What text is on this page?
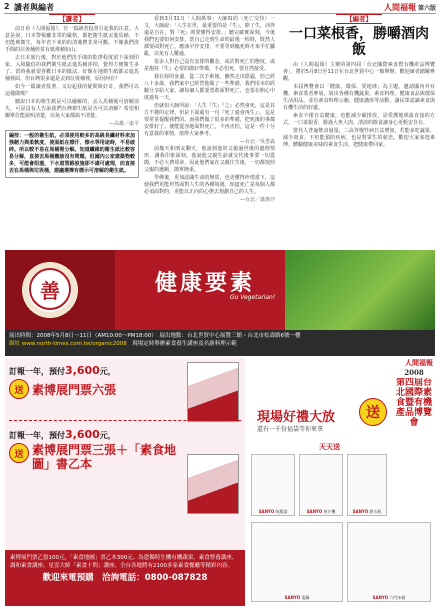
2 讀者與編者	人間福報 第六版
【讀者】

前日看《人間福報》，有一篇讀者投書引起我的注意。大意是說，日本警視廳非常的嚴格，都把衛生紙丟進馬桶，不但能夠衛生，每年省下來的的清潔費非常可觀。不像我們洗手間的垃圾桶經常有紙堆積如山。

去日本旅行後，對於他們洗手間的乾淨程度留下深刻印象。入境隨俗的我們衛生紙丟進馬桶沖掉，覺得方便衛生多了。當時我就很喜歡日本的做法，好像在地衛生紙都丟進馬桶裡面，但台灣很多還是丟到垃圾桶裡，原因何在？

如今一篇讀者投書，又勾起我的疑問與好奇，我們可以這樣做嗎？

聽說日本的衛生紙是可以融解的，丟入馬桶後可溶解消失，可是沒有人告訴我們台灣衛生紙是否可以溶解？希望相關單位能說明清楚，以免大家都搞不清楚。

—高雄／康平

編按：一般的衛生紙，必須使用較多的高級長纖材料來加強韌力與柔軟度，使面紙在擦汗、擦水等用途時，不易破碎。所以較不易在馬桶裡分解。知道纖維的衛生紙比較容易分解，直接丟馬桶應該沒有問題，但國內公家建築物較多，可能會阻塞，下水道管路設施卻不適可處理，而直接丟在馬桶與垃圾桶，建議選擇有標示可溶解的衛生紙。

看到3月31日「人間萬事」大師寫的〈死亡交待〉一文，大師說：「人生在世，最重要的是『生』，除了生，活得還是自在，對『死』則要懂得安排。」聽完確實深刻，今後我們也要如何安排，當自己走到生命的最後一程時，既然人都要面對死亡，應該早作安排，不要等到臨死時才來手忙腳亂，以免有人難過。

很多人對自己沒有安排的觀念，或許對死亡的態度，或是抱持『生』必要的做好準備，不必怕死，要自然接受。

我在妳的身邊，從二次手術後，雖然走出陰霾，但已經八十多歲，我們家中已經替他做了一些準備，我們用本的經驗分享給大家，讓每個人都要勇敢面對死亡，也要在開心中度過每一天。

但就如大師所說：「人生『生』『之』必然會死，這是其方不變的定律，但是下面還有一句『死了還會再生』」，這是要常常提醒我們的。而我們做了很多的準備，把死後的事都安排好了，便能從容地面對死亡，不再害怕，這是一件十分有意義的事情，值得大家參考。

—台北／吳勇淼

前幾天和朋友聊天，他說到他的父親過世後的處理情形，讓我印象深刻。他說他父親生前就交代後事要一切從簡，不必大費周章，因此他們家在父親往生後，一切都按照父親的遺願，簡單隆重。

學佛後，更加認識生命的無常，也更懂得珍惜當下，這使我們更能坦然面對人生的各種境遇，知道死亡是每個人都必須面對的，更能以正向的心態去規劃自己的人生。

—台北／蕭惠玲

【編者】
一口菜根香，勝嚼酒肉飯

由《人間福報》主辦的第四屆「台北國際素食暨有機產品博覽會」，將於5月8日至11日在台北世貿中心一館舉辦，歡迎讀者踴躍參觀。

本屆博覽會以「健康、環保、愛地球」為主題，邀請國內外有機、素食業者參展，展出各種有機蔬果、素食料理、健康食品與環保生活用品，並有素食料理示範、健康講座等活動，讓民眾認識素食與有機生活的好處。

素食不僅有益健康，也能減少碳排放，是愛護地球最直接的方式。一口菜根香，勝過大魚大肉，清淡的飲食讓身心更輕安自在。

當代人普遍飲食過量，三高等慢性病日益增加，若能多吃蔬果，減少肉食，不但能預防疾病，也是對眾生的慈悲。歡迎大家來逛素博，體驗健康美味的素食生活，把健康帶回家。

善	健康要素
Go Vegetarian!
展出時間：2008年5月8日～11日（AM10:00～PM18:00）　展出地點：台北世貿中心展覽三館・台北市松壽路6號一樓
網址 www.north-times.com.tw/organic2008　 現場定時舉辦素食養生講座及名廚料理示範
訂報一年，預付3,600元，
送 素博展門票六張
訂報一年，預付3,600元，
送 素博展門票三張＋「素食地圖」書乙本
素博展門票乙張100元，「素食地圖」書乙本300元。為您獨特生機有機蔬果、素食營養講座、調和素食講座、星雲大師「素食十問」講座、全台各地將有2100多家素食餐廳等精彩內容。
歡迎來電預購　 洽詢電話：0800-087828
人間福報
2008
第四屆台北國際素食暨有機產品博覽會
現場好禮大放	送
還有一千份福袋等你來拿
天天送
SANYO 吸塵器	SANYO 果汁機	SANYO 熱水瓶
SANYO 電鍋	SANYO 六門冰箱
